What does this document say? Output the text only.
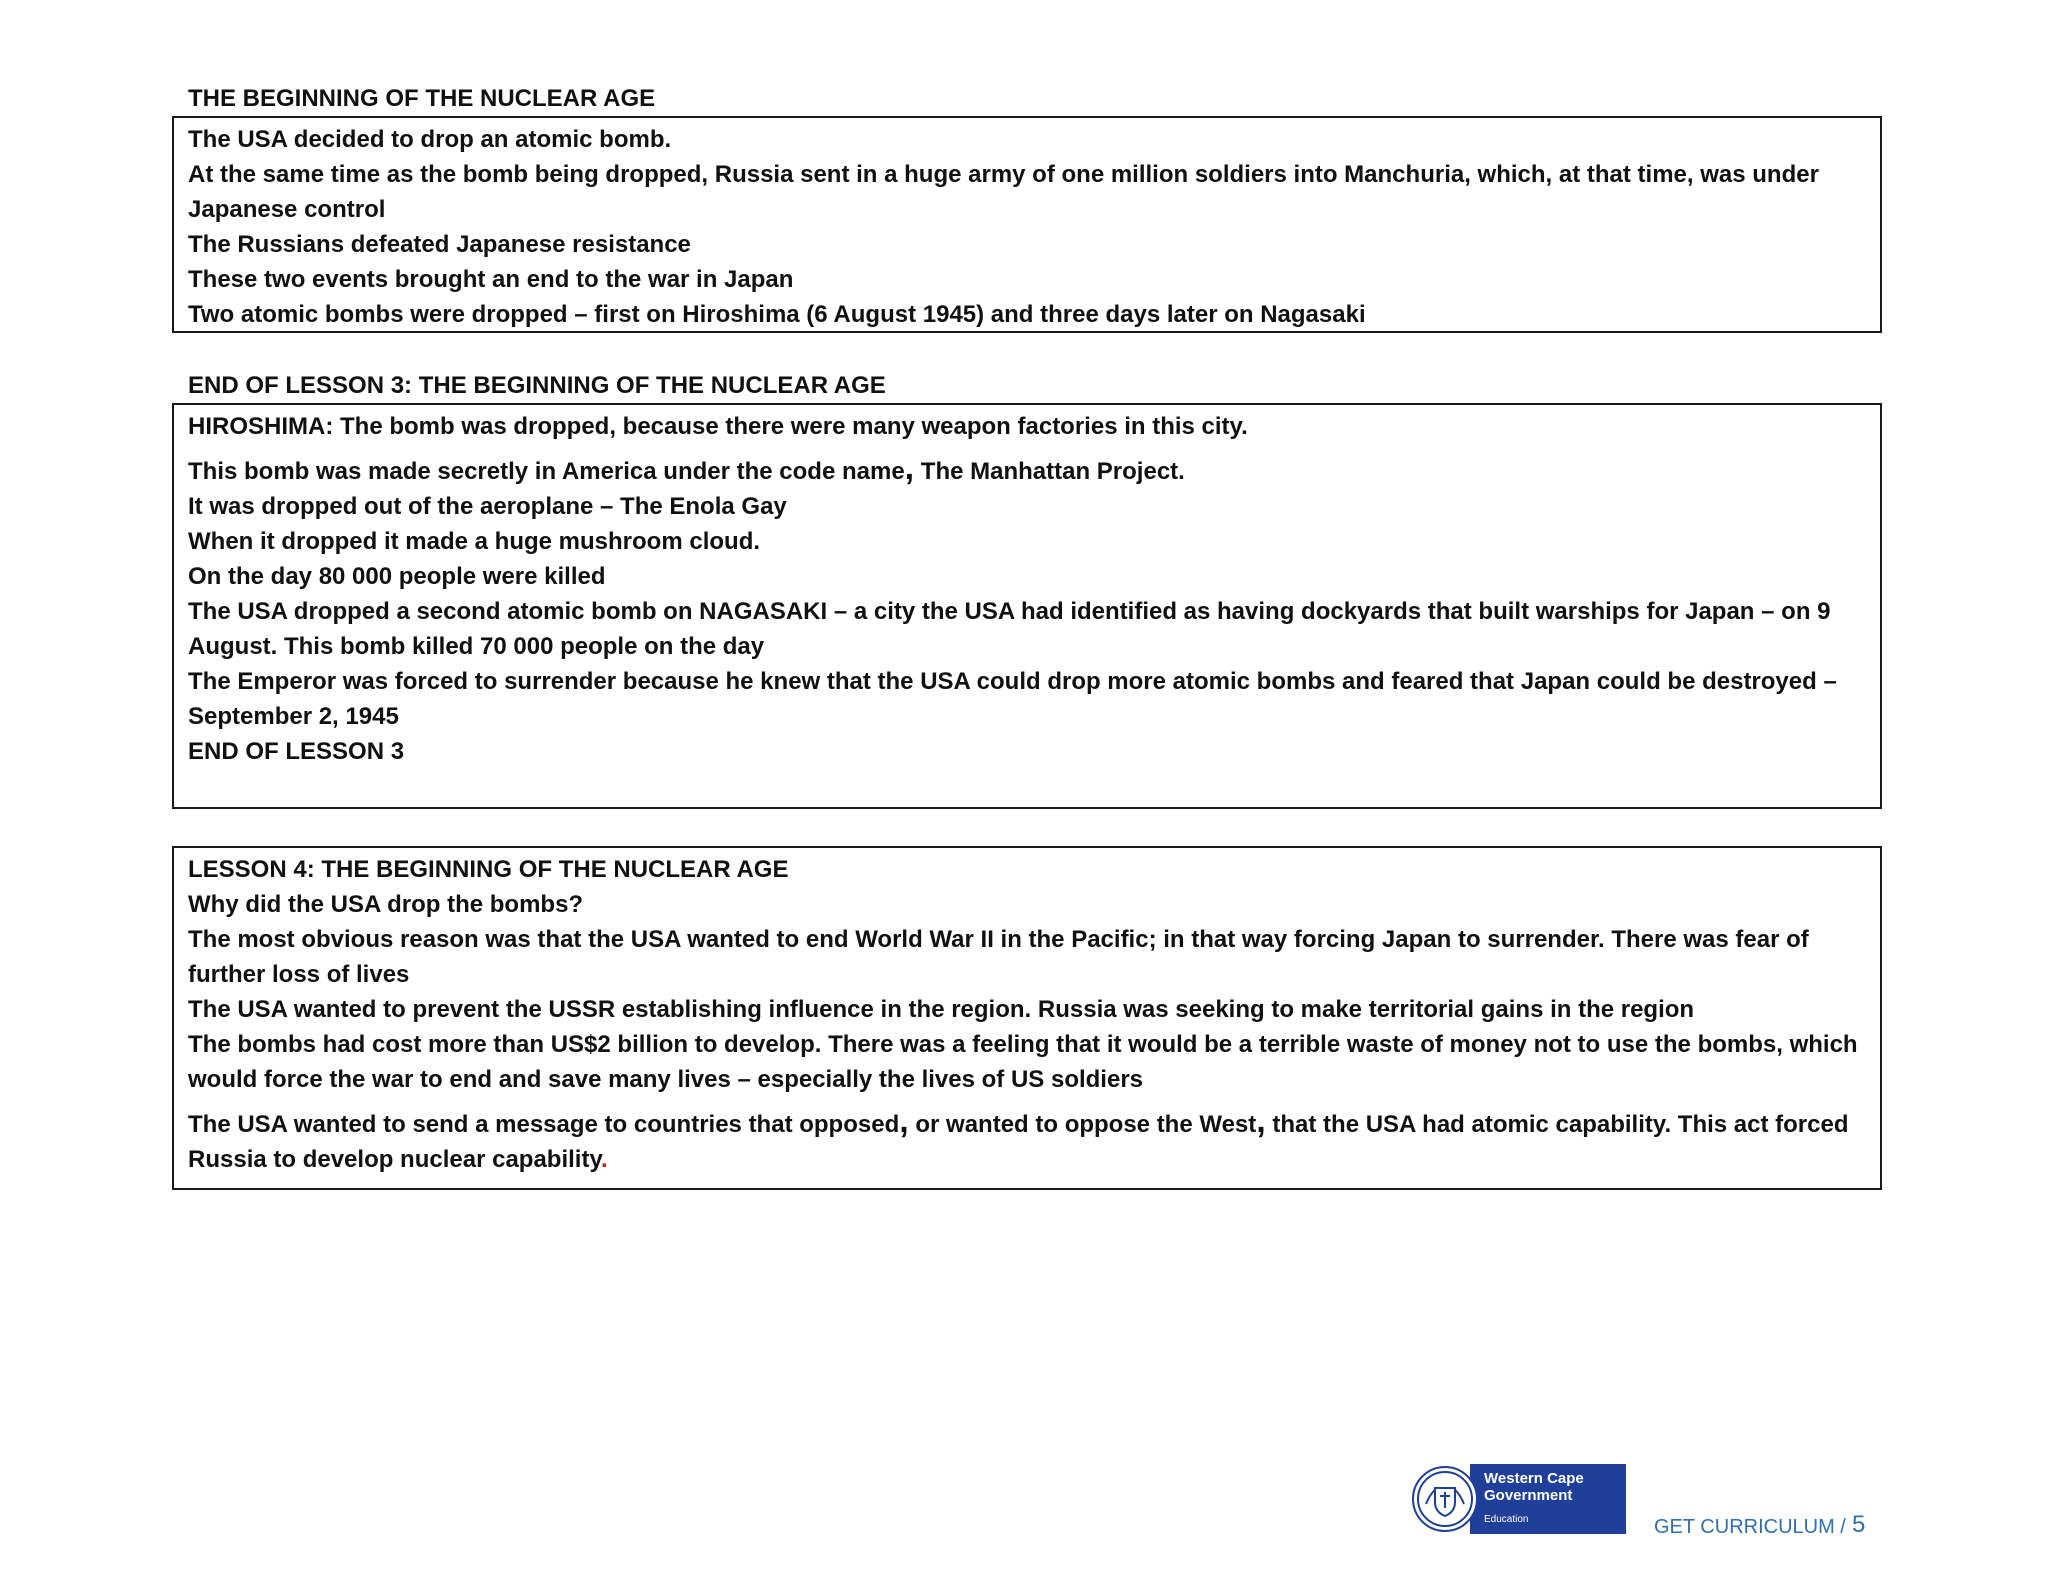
THE BEGINNING OF THE NUCLEAR AGE

The USA decided to drop an atomic bomb.

At the same time as the bomb being dropped, Russia sent in a huge army of one million soldiers into Manchuria, which, at that time, was under Japanese control

The Russians defeated Japanese resistance

These two events brought an end to the war in Japan

Two atomic bombs were dropped – first on Hiroshima (6 August 1945) and three days later on Nagasaki

END OF LESSON 3: THE BEGINNING OF THE NUCLEAR AGE

HIROSHIMA: The bomb was dropped, because there were many weapon factories in this city.

This bomb was made secretly in America under the code name, The Manhattan Project.

It was dropped out of the aeroplane – The Enola Gay

When it dropped it made a huge mushroom cloud.

On the day 80 000 people were killed

The USA dropped a second atomic bomb on NAGASAKI – a city the USA had identified as having dockyards that built warships for Japan – on 9 August. This bomb killed 70 000 people on the day

The Emperor was forced to surrender because he knew that the USA could drop more atomic bombs and feared that Japan could be destroyed – September 2, 1945

END OF LESSON 3

LESSON 4: THE BEGINNING OF THE NUCLEAR AGE

Why did the USA drop the bombs?

The most obvious reason was that the USA wanted to end World War II in the Pacific; in that way forcing Japan to surrender. There was fear of further loss of lives

The USA wanted to prevent the USSR establishing influence in the region. Russia was seeking to make territorial gains in the region

The bombs had cost more than US$2 billion to develop. There was a feeling that it would be a terrible waste of money not to use the bombs, which would force the war to end and save many lives – especially the lives of US soldiers

The USA wanted to send a message to countries that opposed, or wanted to oppose the West, that the USA had atomic capability. This act forced Russia to develop nuclear capability.

Western Cape Government
Education	GET CURRICULUM / 5
